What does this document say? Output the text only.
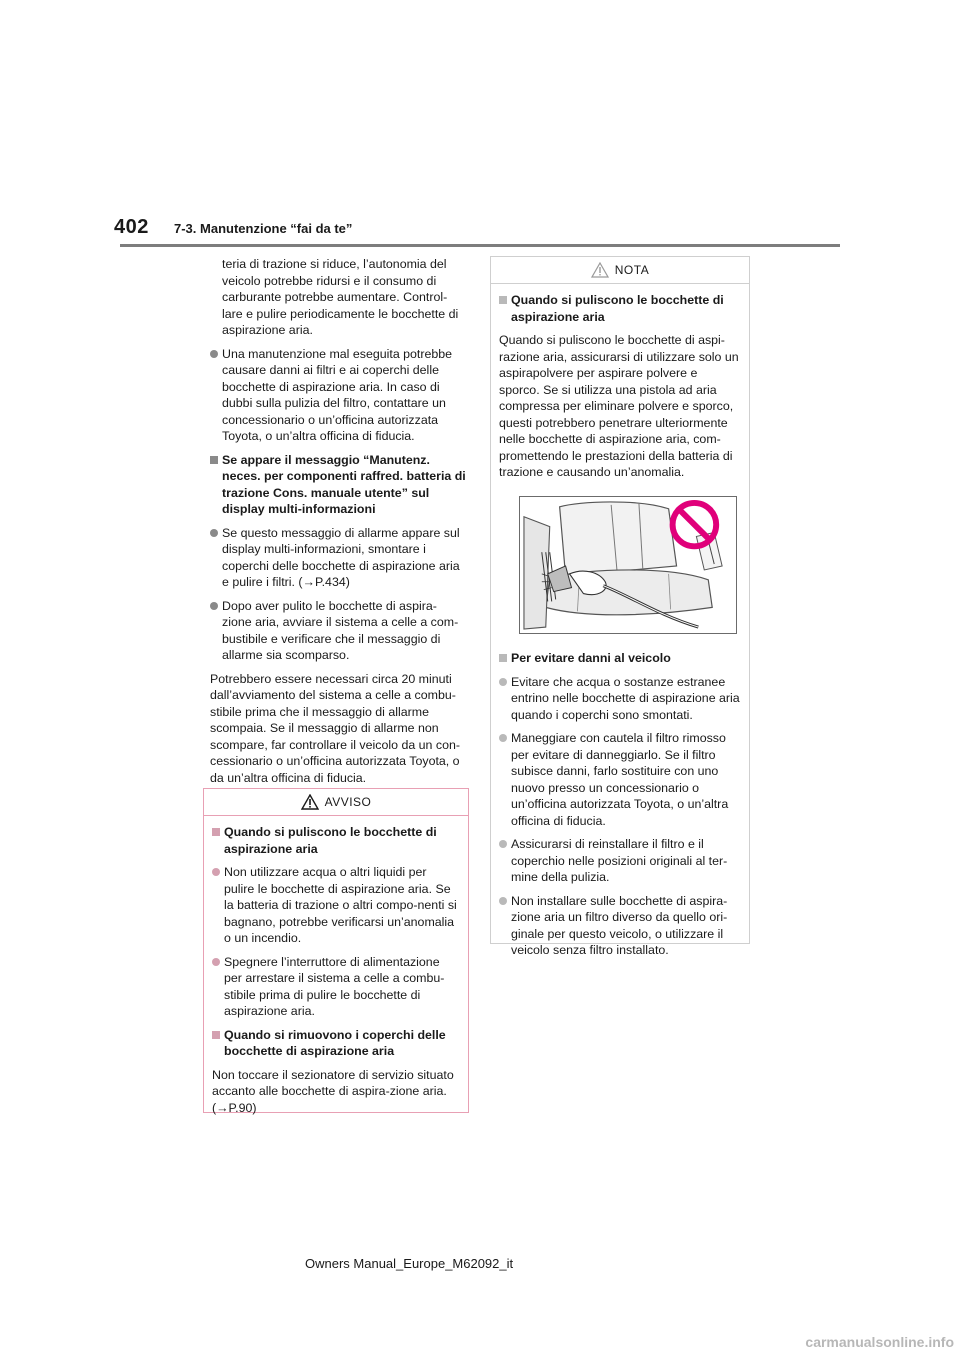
402 7-3. Manutenzione “fai da te”

teria di trazione si riduce, l’autonomia del veicolo potrebbe ridursi e il consumo di carburante potrebbe aumentare. Control-lare e pulire periodicamente le bocchette di aspirazione aria.

Una manutenzione mal eseguita potrebbe causare danni ai filtri e ai coperchi delle bocchette di aspirazione aria. In caso di dubbi sulla pulizia del filtro, contattare un concessionario o un’officina autorizzata Toyota, o un’altra officina di fiducia.
Se appare il messaggio “Manutenz. neces. per componenti raffred. batteria di trazione Cons. manuale utente” sul display multi-informazioni
Se questo messaggio di allarme appare sul display multi-informazioni, smontare i coperchi delle bocchette di aspirazione aria e pulire i filtri. (→P.434)
Dopo aver pulito le bocchette di aspira-zione aria, avviare il sistema a celle a com-bustibile e verificare che il messaggio di allarme sia scomparso.

Potrebbero essere necessari circa 20 minuti dall’avviamento del sistema a celle a combu-stibile prima che il messaggio di allarme scompaia. Se il messaggio di allarme non scompare, far controllare il veicolo da un con-cessionario o un’officina autorizzata Toyota, o da un’altra officina di fiducia.

AVVISO
Quando si puliscono le bocchette di aspirazione aria
Non utilizzare acqua o altri liquidi per pulire le bocchette di aspirazione aria. Se la batteria di trazione o altri compo-nenti si bagnano, potrebbe verificarsi un’anomalia o un incendio.
Spegnere l’interruttore di alimentazione per arrestare il sistema a celle a combu-stibile prima di pulire le bocchette di aspirazione aria.
Quando si rimuovono i coperchi delle bocchette di aspirazione aria

Non toccare il sezionatore di servizio situato accanto alle bocchette di aspira-zione aria. (→P.90)

NOTA
Quando si puliscono le bocchette di aspirazione aria

Quando si puliscono le bocchette di aspi-razione aria, assicurarsi di utilizzare solo un aspirapolvere per aspirare polvere e sporco. Se si utilizza una pistola ad aria compressa per eliminare polvere e sporco, questi potrebbero penetrare ulteriormente nelle bocchette di aspirazione aria, com-promettendo le prestazioni della batteria di trazione e causando un’anomalia.

Per evitare danni al veicolo
Evitare che acqua o sostanze estranee entrino nelle bocchette di aspirazione aria quando i coperchi sono smontati.
Maneggiare con cautela il filtro rimosso per evitare di danneggiarlo. Se il filtro subisce danni, farlo sostituire con uno nuovo presso un concessionario o un’officina autorizzata Toyota, o un’altra officina di fiducia.
Assicurarsi di reinstallare il filtro e il coperchio nelle posizioni originali al ter-mine della pulizia.
Non installare sulle bocchette di aspira-zione aria un filtro diverso da quello ori-ginale per questo veicolo, o utilizzare il veicolo senza filtro installato.
Owners Manual_Europe_M62092_it
carmanualsonline.info
